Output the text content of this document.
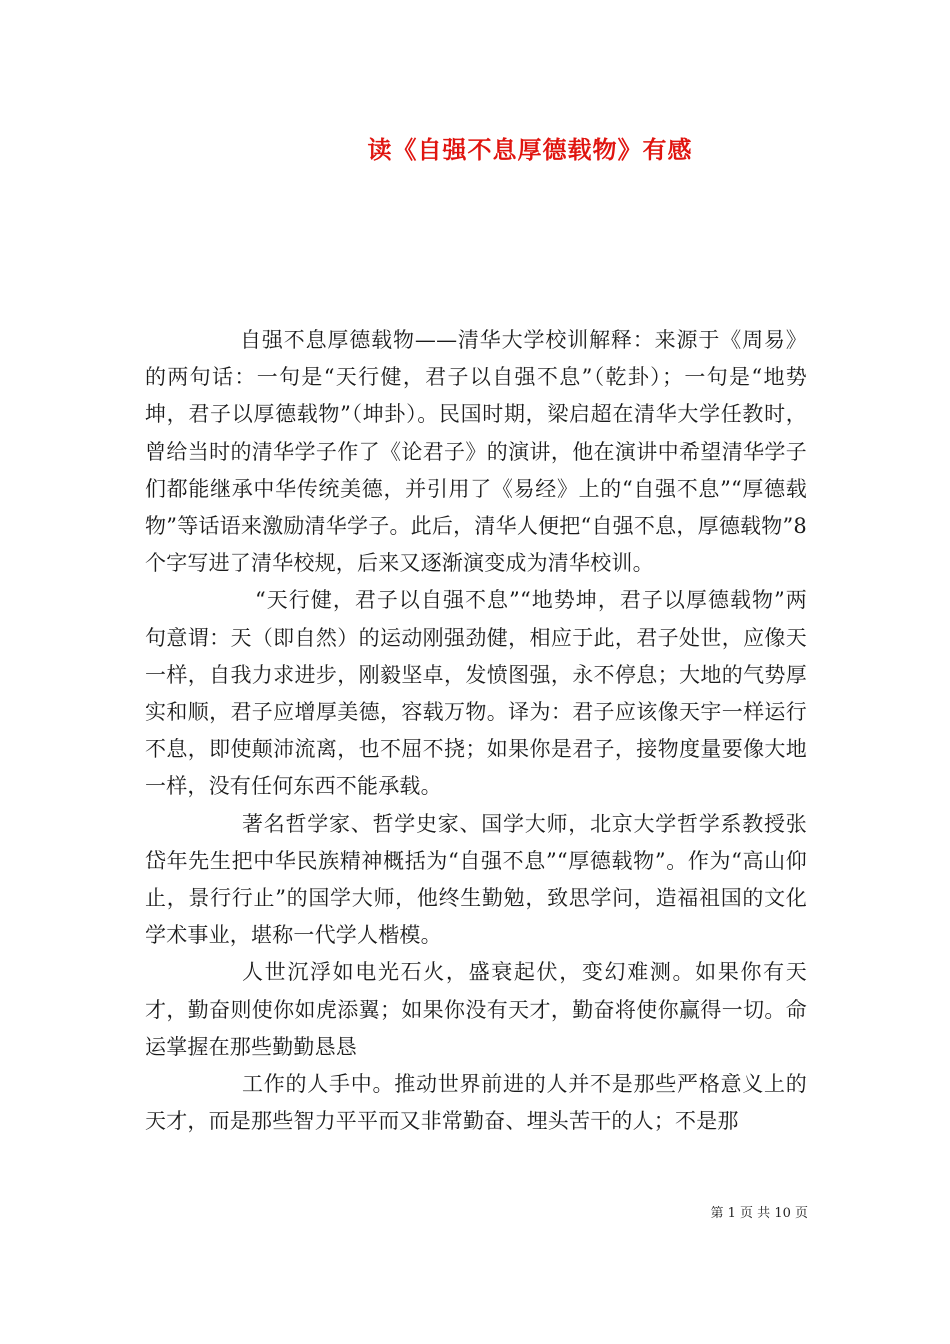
读《自强不息厚德载物》有感

自强不息厚德载物——清华大学校训解释：来源于《周易》的两句话：一句是“天行健，君子以自强不息”（乾卦）；一句是“地势坤，君子以厚德载物”（坤卦）。民国时期，梁启超在清华大学任教时，曾给当时的清华学子作了《论君子》的演讲，他在演讲中希望清华学子们都能继承中华传统美德，并引用了《易经》上的“自强不息”“厚德载物”等话语来激励清华学子。此后，清华人便把“自强不息，厚德载物”8个字写进了清华校规，后来又逐渐演变成为清华校训。

“天行健，君子以自强不息”“地势坤，君子以厚德载物”两句意谓：天（即自然）的运动刚强劲健，相应于此，君子处世，应像天一样，自我力求进步，刚毅坚卓，发愤图强，永不停息；大地的气势厚实和顺，君子应增厚美德，容载万物。译为：君子应该像天宇一样运行不息，即使颠沛流离，也不屈不挠；如果你是君子，接物度量要像大地一样，没有任何东西不能承载。

著名哲学家、哲学史家、国学大师，北京大学哲学系教授张岱年先生把中华民族精神概括为“自强不息”“厚德载物”。作为“高山仰止，景行行止”的国学大师，他终生勤勉，致思学问，造福祖国的文化学术事业，堪称一代学人楷模。

人世沉浮如电光石火，盛衰起伏，变幻难测。如果你有天才，勤奋则使你如虎添翼；如果你没有天才，勤奋将使你赢得一切。命运掌握在那些勤勤恳恳

工作的人手中。推动世界前进的人并不是那些严格意义上的天才，而是那些智力平平而又非常勤奋、埋头苦干的人；不是那

第 1 页 共 10 页
